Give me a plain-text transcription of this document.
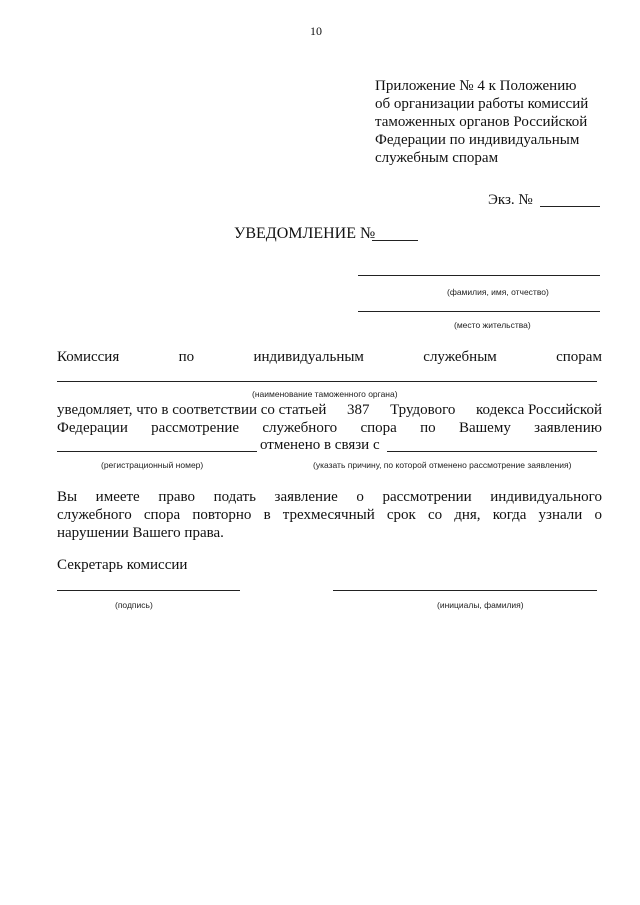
10
Приложение № 4 к Положению
об организации работы комиссий
таможенных органов Российской
Федерации по индивидуальным
служебным спорам
Экз. №
УВЕДОМЛЕНИЕ №
(фамилия, имя, отчество)
(место жительства)
Комиссия	по	индивидуальным	служебным	спорам
(наименование таможенного органа)
уведомляет, что в соответствии со статьей 387 Трудового кодекса Российской
Федерации рассмотрение служебного спора по Вашему заявлению
отменено в связи с
(регистрационный номер)	(указать причину, по которой отменено рассмотрение заявления)
Вы имеете право подать заявление о рассмотрении индивидуального
служебного спора повторно в трехмесячный срок со дня, когда узнали о
нарушении Вашего права.
Секретарь комиссии
(подпись)	(инициалы, фамилия)
